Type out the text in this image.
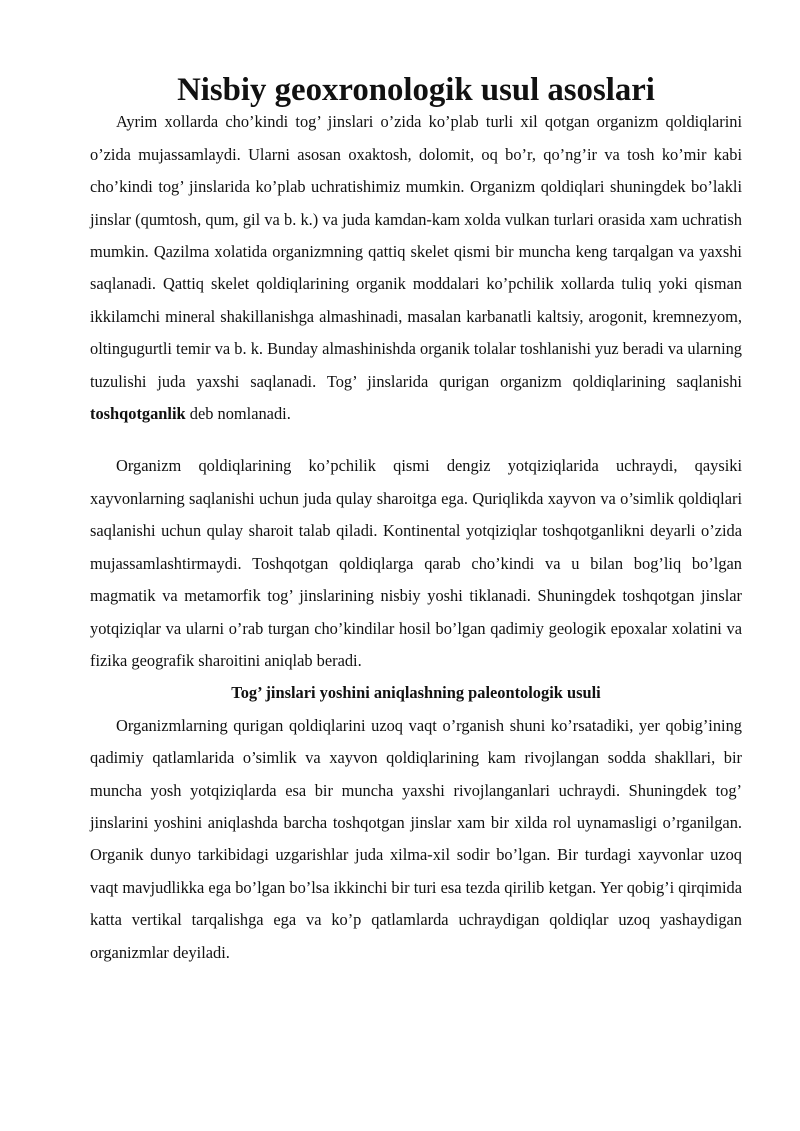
Nisbiy geoxronologik usul asoslari

Ayrim xollarda cho’kindi tog’ jinslari o’zida ko’plab turli xil qotgan organizm qoldiqlarini o’zida mujassamlaydi. Ularni asosan oxaktosh, dolomit, oq bo’r, qo’ng’ir va tosh ko’mir kabi cho’kindi tog’ jinslarida ko’plab uchratishimiz mumkin. Organizm qoldiqlari shuningdek bo’lakli jinslar (qumtosh, qum, gil va b. k.) va juda kamdan-kam xolda vulkan turlari orasida xam uchratish mumkin. Qazilma xolatida organizmning qattiq skelet qismi bir muncha keng tarqalgan va yaxshi saqlanadi. Qattiq skelet qoldiqlarining organik moddalari ko’pchilik xollarda tuliq yoki qisman ikkilamchi mineral shakillanishga almashinadi, masalan karbanatli kaltsiy, arogonit, kremnezyom, oltingugurtli temir va b. k. Bunday almashinishda organik tolalar toshlanishi yuz beradi va ularning tuzulishi juda yaxshi saqlanadi. Tog’ jinslarida qurigan organizm qoldiqlarining saqlanishi toshqotganlik deb nomlanadi.

Organizm qoldiqlarining ko’pchilik qismi dengiz yotqiziqlarida uchraydi, qaysiki xayvonlarning saqlanishi uchun juda qulay sharoitga ega. Quriqlikda xayvon va o’simlik qoldiqlari saqlanishi uchun qulay sharoit talab qiladi. Kontinental yotqiziqlar toshqotganlikni deyarli o’zida mujassamlashtirmaydi. Toshqotgan qoldiqlarga qarab cho’kindi va u bilan bog’liq bo’lgan magmatik va metamorfik tog’ jinslarining nisbiy yoshi tiklanadi. Shuningdek toshqotgan jinslar yotqiziqlar va ularni o’rab turgan cho’kindilar hosil bo’lgan qadimiy geologik epoxalar xolatini va fizika geografik sharoitini aniqlab beradi.

Tog’ jinslari yoshini aniqlashning paleontologik usuli

Organizmlarning qurigan qoldiqlarini uzoq vaqt o’rganish shuni ko’rsatadiki, yer qobig’ining qadimiy qatlamlarida o’simlik va xayvon qoldiqlarining kam rivojlangan sodda shakllari, bir muncha yosh yotqiziqlarda esa bir muncha yaxshi rivojlanganlari uchraydi. Shuningdek tog’ jinslarini yoshini aniqlashda barcha toshqotgan jinslar xam bir xilda rol uynamasligi o’rganilgan. Organik dunyo tarkibidagi uzgarishlar juda xilma-xil sodir bo’lgan. Bir turdagi xayvonlar uzoq vaqt mavjudlikka ega bo’lgan bo’lsa ikkinchi bir turi esa tezda qirilib ketgan. Yer qobig’i qirqimida katta vertikal tarqalishga ega va ko’p qatlamlarda uchraydigan qoldiqlar uzoq yashaydigan organizmlar deyiladi.
